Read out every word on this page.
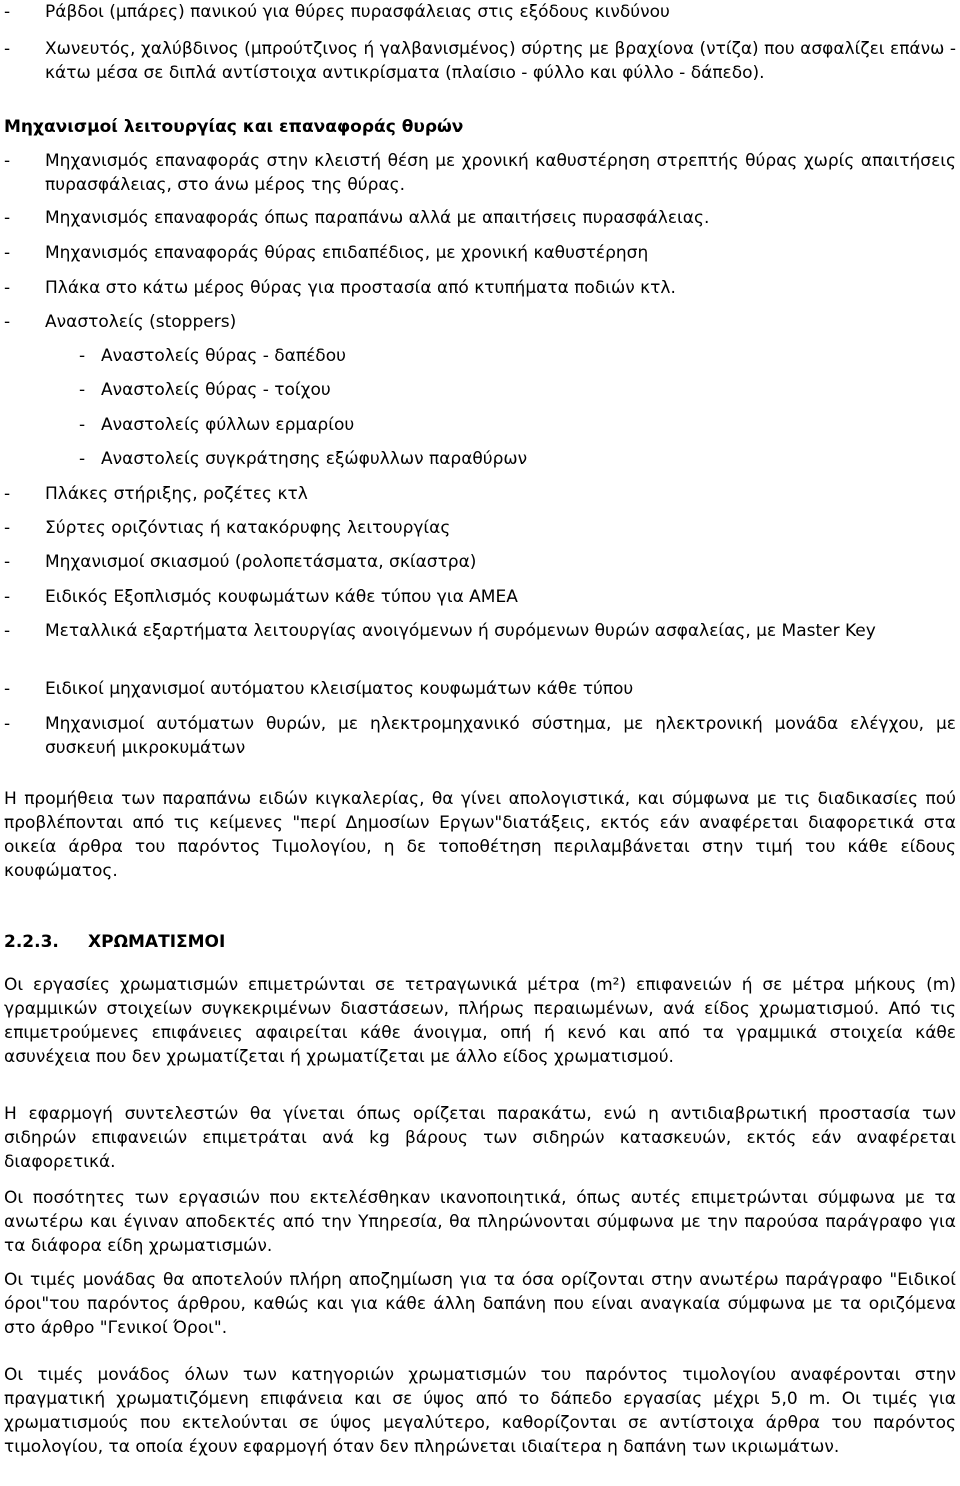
- Ράβδοι (μπάρες) πανικού για θύρες πυρασφάλειας στις εξόδους κινδύνου
- Χωνευτός, χαλύβδινος (μπρούτζινος ή γαλβανισμένος) σύρτης με βραχίονα (ντίζα) που ασφαλίζει επάνω - κάτω μέσα σε διπλά αντίστοιχα αντικρίσματα (πλαίσιο - φύλλο και φύλλο - δάπεδο).
Μηχανισμοί λειτουργίας και επαναφοράς θυρών
- Μηχανισμός επαναφοράς στην κλειστή θέση με χρονική καθυστέρηση στρεπτής θύρας χωρίς απαιτήσεις πυρασφάλειας, στο άνω μέρος της θύρας.
- Μηχανισμός επαναφοράς όπως παραπάνω αλλά με απαιτήσεις πυρασφάλειας.
- Μηχανισμός επαναφοράς θύρας επιδαπέδιος, με χρονική καθυστέρηση
- Πλάκα στο κάτω μέρος θύρας για προστασία από κτυπήματα ποδιών κτλ.
- Αναστολείς (stoppers)
- Αναστολείς θύρας - δαπέδου
- Αναστολείς θύρας - τοίχου
- Αναστολείς φύλλων ερμαρίου
- Αναστολείς συγκράτησης εξώφυλλων παραθύρων
- Πλάκες στήριξης, ροζέτες κτλ
- Σύρτες οριζόντιας ή κατακόρυφης λειτουργίας
- Μηχανισμοί σκιασμού (ρολοπετάσματα, σκίαστρα)
- Ειδικός Εξοπλισμός κουφωμάτων κάθε τύπου για ΑΜΕΑ
- Μεταλλικά εξαρτήματα λειτουργίας ανοιγόμενων ή συρόμενων θυρών ασφαλείας, με Master Key
- Ειδικοί μηχανισμοί αυτόματου κλεισίματος κουφωμάτων κάθε τύπου
- Μηχανισμοί αυτόματων θυρών, με ηλεκτρομηχανικό σύστημα, με ηλεκτρονική μονάδα ελέγχου, με συσκευή μικροκυμάτων
Η προμήθεια των παραπάνω ειδών κιγκαλερίας, θα γίνει απολογιστικά, και σύμφωνα με τις διαδικασίες πού προβλέπονται από τις κείμενες "περί Δημοσίων Εργων"διατάξεις, εκτός εάν αναφέρεται διαφορετικά στα οικεία άρθρα του παρόντος Τιμολογίου, η δε τοποθέτηση περιλαμβάνεται στην τιμή του κάθε είδους κουφώματος.
2.2.3. ΧΡΩΜΑΤΙΣΜΟΙ
Οι εργασίες χρωματισμών επιμετρώνται σε τετραγωνικά μέτρα (m²) επιφανειών ή σε μέτρα μήκους (m) γραμμικών στοιχείων συγκεκριμένων διαστάσεων, πλήρως περαιωμένων, ανά είδος χρωματισμού. Από τις επιμετρούμενες επιφάνειες αφαιρείται κάθε άνοιγμα, οπή ή κενό και από τα γραμμικά στοιχεία κάθε ασυνέχεια που δεν χρωματίζεται ή χρωματίζεται με άλλο είδος χρωματισμού.
Η εφαρμογή συντελεστών θα γίνεται όπως ορίζεται παρακάτω, ενώ η αντιδιαβρωτική προστασία των σιδηρών επιφανειών επιμετράται ανά kg βάρους των σιδηρών κατασκευών, εκτός εάν αναφέρεται διαφορετικά.
Οι ποσότητες των εργασιών που εκτελέσθηκαν ικανοποιητικά, όπως αυτές επιμετρώνται σύμφωνα με τα ανωτέρω και έγιναν αποδεκτές από την Υπηρεσία, θα πληρώνονται σύμφωνα με την παρούσα παράγραφο για τα διάφορα είδη χρωματισμών.
Οι τιμές μονάδας θα αποτελούν πλήρη αποζημίωση για τα όσα ορίζονται στην ανωτέρω παράγραφο "Ειδικοί όροι"του παρόντος άρθρου, καθώς και για κάθε άλλη δαπάνη που είναι αναγκαία σύμφωνα με τα οριζόμενα στο άρθρο "Γενικοί Όροι".
Οι τιμές μονάδος όλων των κατηγοριών χρωματισμών του παρόντος τιμολογίου αναφέρονται στην πραγματική χρωματιζόμενη επιφάνεια και σε ύψος από το δάπεδο εργασίας μέχρι 5,0 m. Οι τιμές για χρωματισμούς που εκτελούνται σε ύψος μεγαλύτερο, καθορίζονται σε αντίστοιχα άρθρα του παρόντος τιμολογίου, τα οποία έχουν εφαρμογή όταν δεν πληρώνεται ιδιαίτερα η δαπάνη των ικριωμάτων.
